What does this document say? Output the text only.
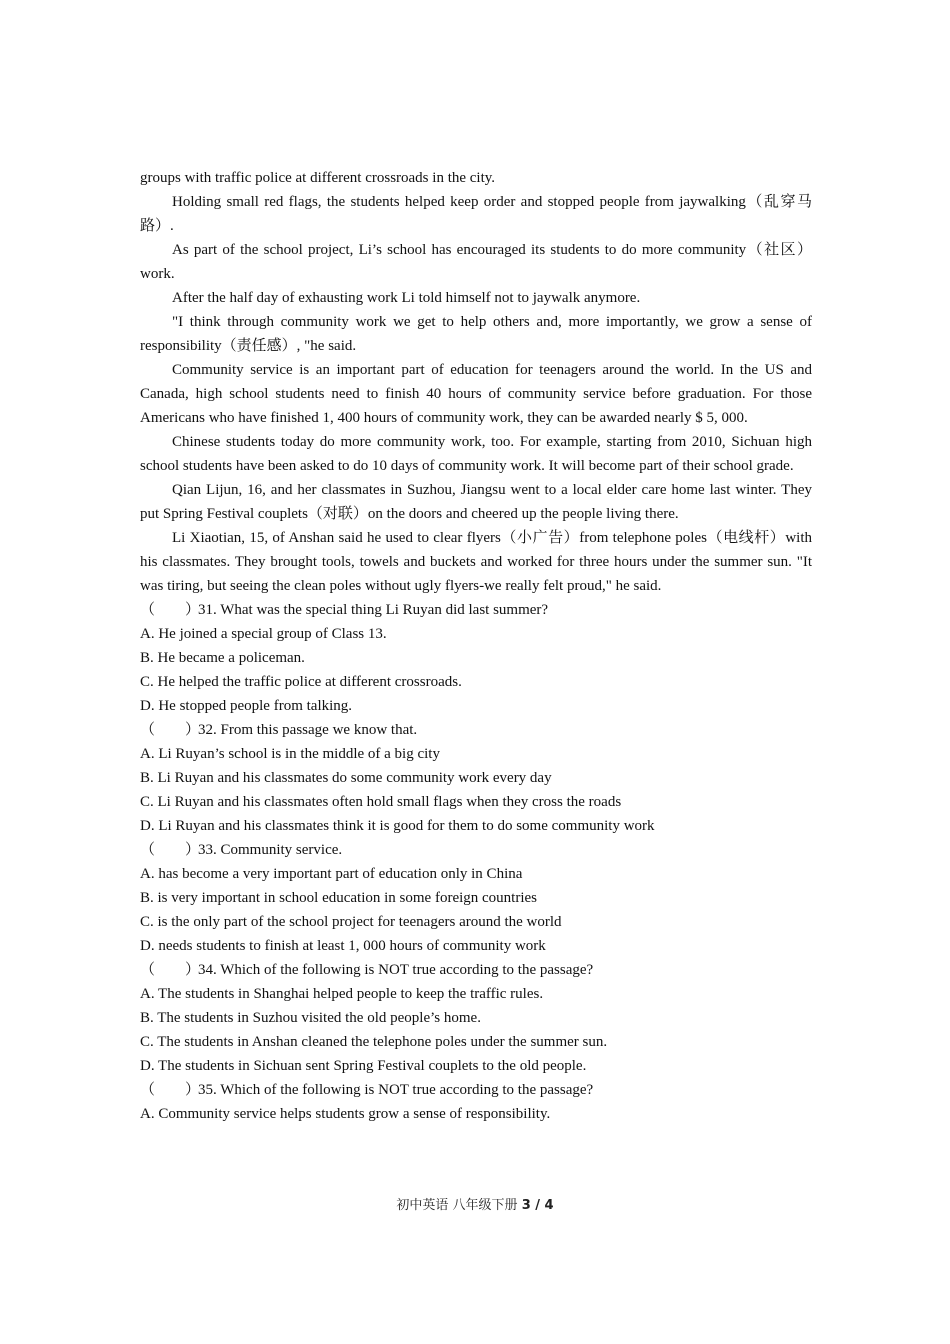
groups with traffic police at different crossroads in the city.

Holding small red flags, the students helped keep order and stopped people from jaywalking（乱穿马路）.

As part of the school project, Li’s school has encouraged its students to do more community（社区）work.

After the half day of exhausting work Li told himself not to jaywalk anymore.

"I think through community work we get to help others and, more importantly, we grow a sense of responsibility（责任感）, "he said.

Community service is an important part of education for teenagers around the world. In the US and Canada, high school students need to finish 40 hours of community service before graduation. For those Americans who have finished 1, 400 hours of community work, they can be awarded nearly $ 5, 000.

Chinese students today do more community work, too. For example, starting from 2010, Sichuan high school students have been asked to do 10 days of community work. It will become part of their school grade.

Qian Lijun, 16, and her classmates in Suzhou, Jiangsu went to a local elder care home last winter. They put Spring Festival couplets（对联）on the doors and cheered up the people living there.

Li Xiaotian, 15, of Anshan said he used to clear flyers（小广告）from telephone poles（电线杆）with his classmates. They brought tools, towels and buckets and worked for three hours under the summer sun. "It was tiring, but seeing the clean poles without ugly flyers-we really felt proud," he said.

（        ）31. What was the special thing Li Ruyan did last summer?
A. He joined a special group of Class 13.
B. He became a policeman.
C. He helped the traffic police at different crossroads.
D. He stopped people from talking.
（        ）32. From this passage we know that.
A. Li Ruyan’s school is in the middle of a big city
B. Li Ruyan and his classmates do some community work every day
C. Li Ruyan and his classmates often hold small flags when they cross the roads
D. Li Ruyan and his classmates think it is good for them to do some community work
（        ）33. Community service.
A. has become a very important part of education only in China
B. is very important in school education in some foreign countries
C. is the only part of the school project for teenagers around the world
D. needs students to finish at least 1, 000 hours of community work
（        ）34. Which of the following is NOT true according to the passage?
A. The students in Shanghai helped people to keep the traffic rules.
B. The students in Suzhou visited the old people’s home.
C. The students in Anshan cleaned the telephone poles under the summer sun.
D. The students in Sichuan sent Spring Festival couplets to the old people.
（        ）35. Which of the following is NOT true according to the passage?
A. Community service helps students grow a sense of responsibility.
初中英语 八年级下册 3 / 4
